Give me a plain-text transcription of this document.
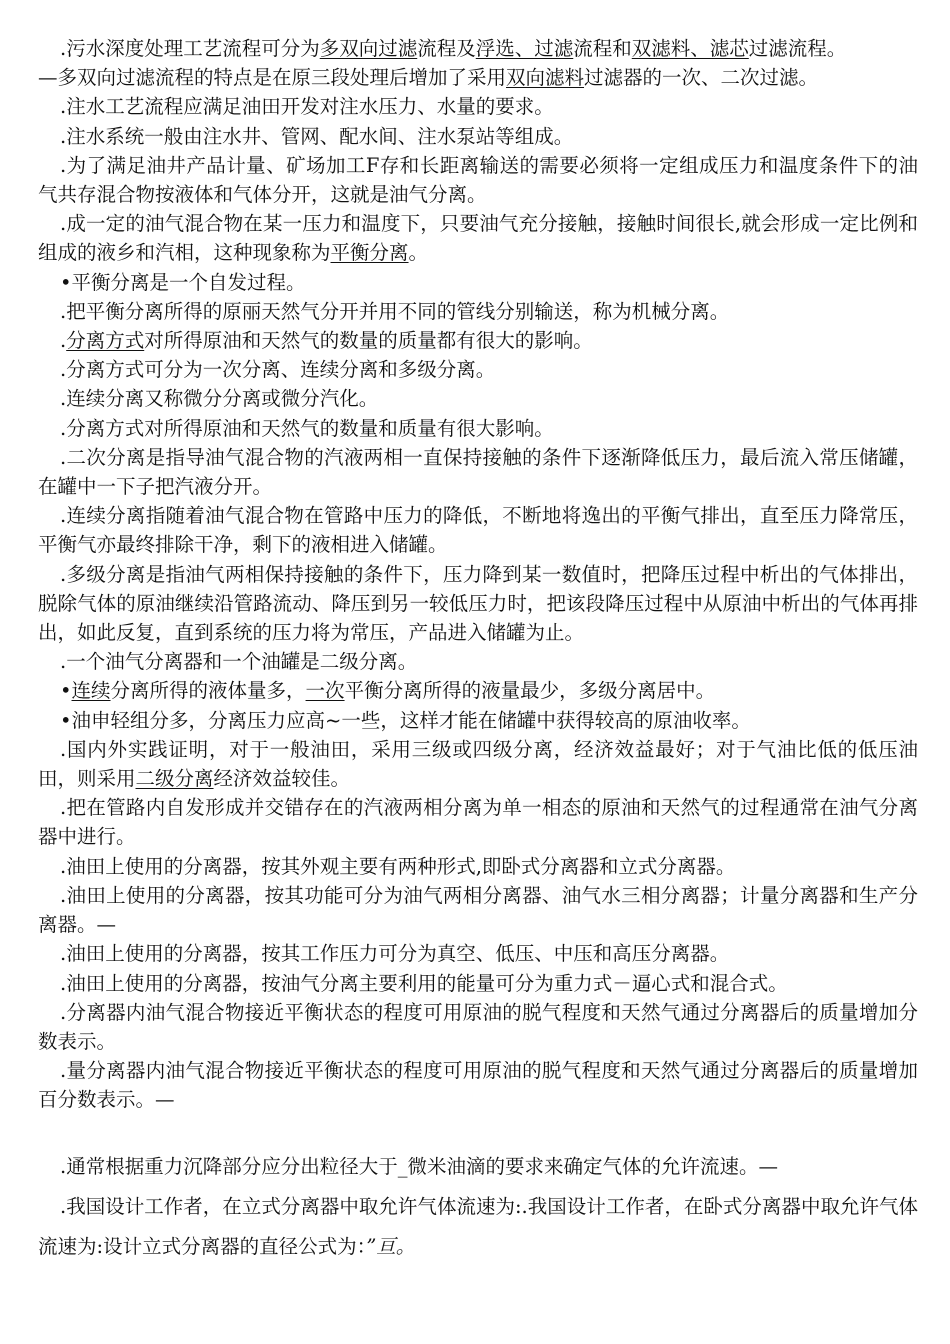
.污水深度处理工艺流程可分为多双向过滤流程及浮选、过滤流程和双滤料、滤芯过滤流程。

—多双向过滤流程的特点是在原三段处理后增加了采用双向滤料过滤器的一次、二次过滤。

.注水工艺流程应满足油田开发对注水压力、水量的要求。

.注水系统一般由注水井、管网、配水间、注水泵站等组成。

.为了满足油井产品计量、矿场加工F存和长距离输送的需要必须将一定组成压力和温度条件下的油气共存混合物按液体和气体分开，这就是油气分离。

.成一定的油气混合物在某一压力和温度下，只要油气充分接触，接触时间很长,就会形成一定比例和组成的液乡和汽相，这种现象称为平衡分离。

•平衡分离是一个自发过程。

.把平衡分离所得的原丽天然气分开并用不同的管线分别输送，称为机械分离。

.分离方式对所得原油和天然气的数量的质量都有很大的影响。

.分离方式可分为一次分离、连续分离和多级分离。

.连续分离又称微分分离或微分汽化。

.分离方式对所得原油和天然气的数量和质量有很大影响。

.二次分离是指导油气混合物的汽液两相一直保持接触的条件下逐渐降低压力，最后流入常压储罐，在罐中一下子把汽液分开。

.连续分离指随着油气混合物在管路中压力的降低，不断地将逸出的平衡气排出，直至压力降常压，平衡气亦最终排除干净，剩下的液相进入储罐。

.多级分离是指油气两相保持接触的条件下，压力降到某一数值时，把降压过程中析出的气体排出，脱除气体的原油继续沿管路流动、降压到另一较低压力时，把该段降压过程中从原油中析出的气体再排出，如此反复，直到系统的压力将为常压，产品进入储罐为止。

.一个油气分离器和一个油罐是二级分离。

•连续分离所得的液体量多，一次平衡分离所得的液量最少，多级分离居中。

•油申轻组分多，分离压力应高~一些，这样才能在储罐中获得较高的原油收率。

.国内外实践证明，对于一般油田，采用三级或四级分离，经济效益最好；对于气油比低的低压油田，则采用二级分离经济效益较佳。

.把在管路内自发形成并交错存在的汽液两相分离为单一相态的原油和天然气的过程通常在油气分离器中进行。

.油田上使用的分离器，按其外观主要有两种形式,即卧式分离器和立式分离器。

.油田上使用的分离器，按其功能可分为油气两相分离器、油气水三相分离器；计量分离器和生产分离器。—

.油田上使用的分离器，按其工作压力可分为真空、低压、中压和高压分离器。

.油田上使用的分离器，按油气分离主要利用的能量可分为重力式－逼心式和混合式。

.分离器内油气混合物接近平衡状态的程度可用原油的脱气程度和天然气通过分离器后的质量增加分数表示。

.量分离器内油气混合物接近平衡状态的程度可用原油的脱气程度和天然气通过分离器后的质量增加百分数表示。—

.通常根据重力沉降部分应分出粒径大于_微米油滴的要求来确定气体的允许流速。—

.我国设计工作者，在立式分离器中取允许气体流速为:.我国设计工作者，在卧式分离器中取允许气体流速为:设计立式分离器的直径公式为：”亘。
